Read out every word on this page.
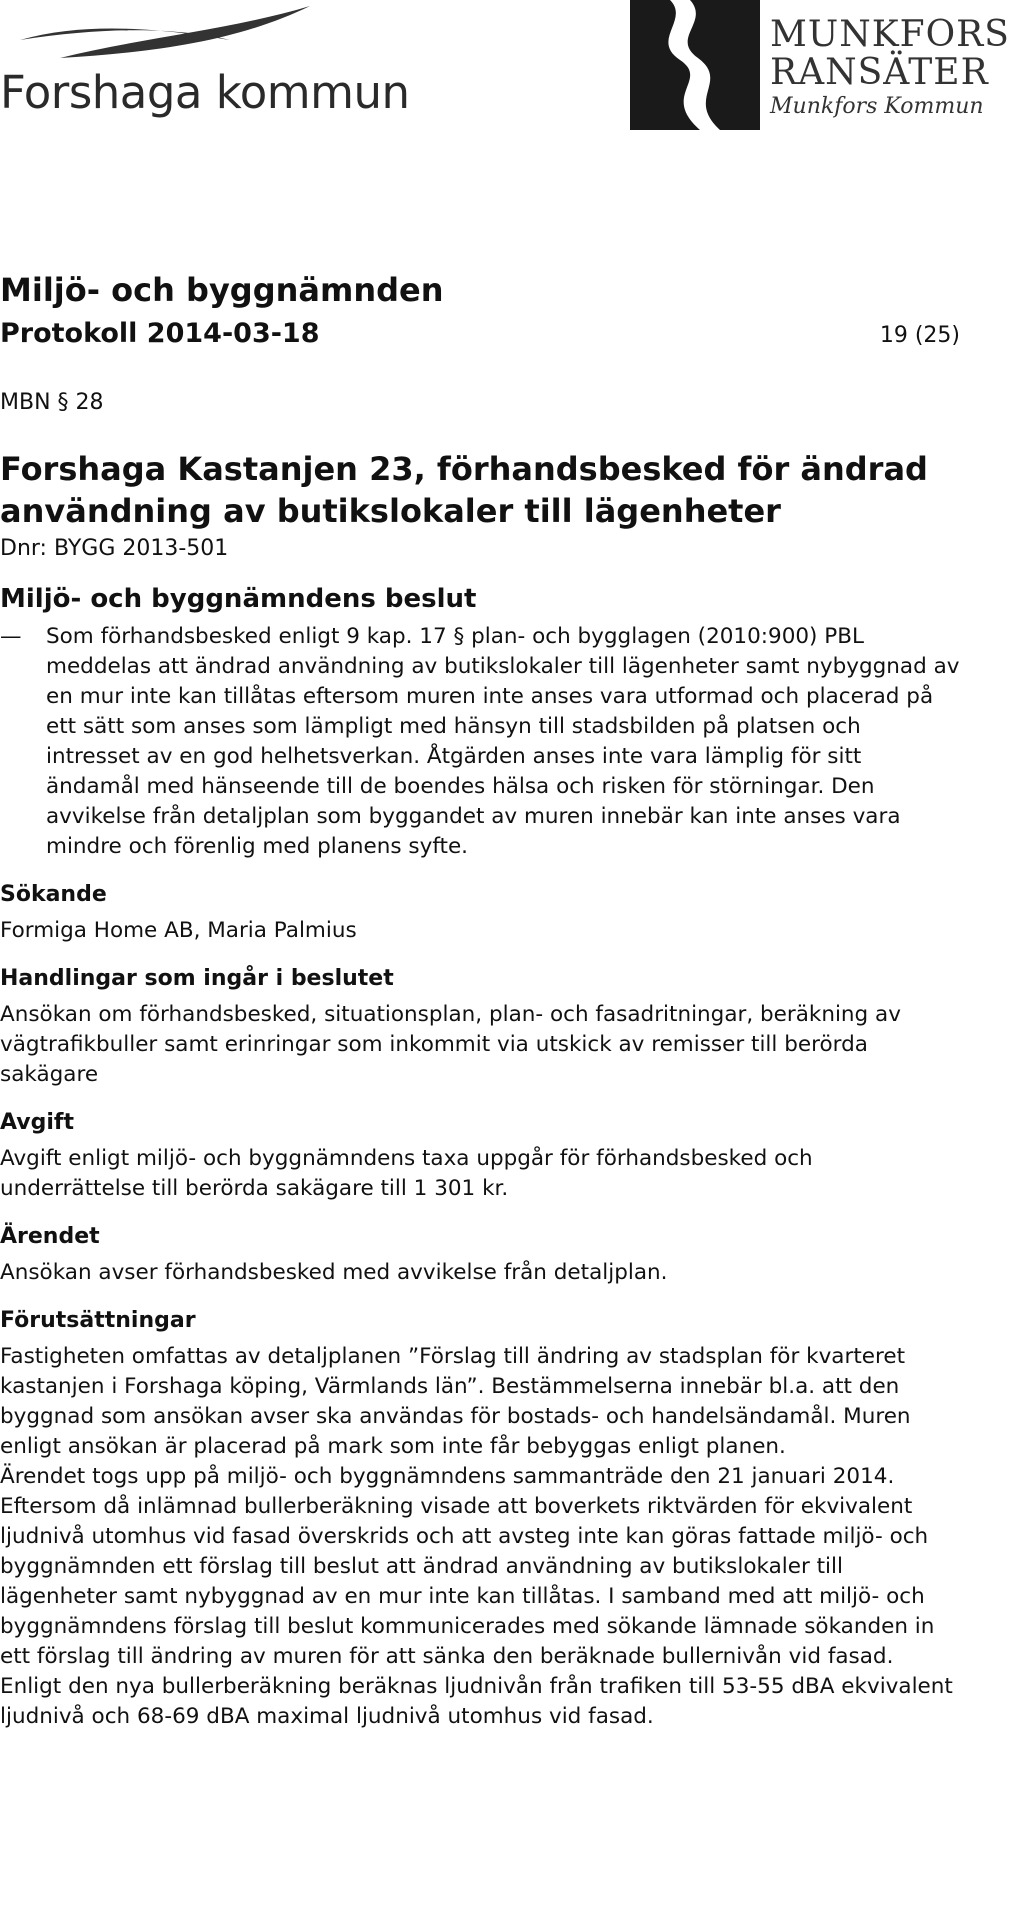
Forshaga kommun
MUNKFORS
RANSÄTER
Munkfors Kommun
Miljö- och byggnämnden
Protokoll 2014-03-18	19 (25)
MBN § 28
Forshaga Kastanjen 23, förhandsbesked för ändrad användning av butikslokaler till lägenheter
Dnr: BYGG 2013-501
Miljö- och byggnämndens beslut
—	Som förhandsbesked enligt 9 kap. 17 § plan- och bygglagen (2010:900) PBL meddelas att ändrad användning av butikslokaler till lägenheter samt nybyggnad av en mur inte kan tillåtas eftersom muren inte anses vara utformad och placerad på ett sätt som anses som lämpligt med hänsyn till stadsbilden på platsen och intresset av en god helhetsverkan. Åtgärden anses inte vara lämplig för sitt ändamål med hänseende till de boendes hälsa och risken för störningar. Den avvikelse från detaljplan som byggandet av muren innebär kan inte anses vara mindre och förenlig med planens syfte.
Sökande

Formiga Home AB, Maria Palmius

Handlingar som ingår i beslutet

Ansökan om förhandsbesked, situationsplan, plan- och fasadritningar, beräkning av vägtrafikbuller samt erinringar som inkommit via utskick av remisser till berörda sakägare

Avgift

Avgift enligt miljö- och byggnämndens taxa uppgår för förhandsbesked och underrättelse till berörda sakägare till 1 301 kr.

Ärendet

Ansökan avser förhandsbesked med avvikelse från detaljplan.

Förutsättningar

Fastigheten omfattas av detaljplanen ”Förslag till ändring av stadsplan för kvarteret kastanjen i Forshaga köping, Värmlands län”. Bestämmelserna innebär bl.a. att den byggnad som ansökan avser ska användas för bostads- och handelsändamål. Muren enligt ansökan är placerad på mark som inte får bebyggas enligt planen.

Ärendet togs upp på miljö- och byggnämndens sammanträde den 21 januari 2014. Eftersom då inlämnad bullerberäkning visade att boverkets riktvärden för ekvivalent ljudnivå utomhus vid fasad överskrids och att avsteg inte kan göras fattade miljö- och byggnämnden ett förslag till beslut att ändrad användning av butikslokaler till lägenheter samt nybyggnad av en mur inte kan tillåtas. I samband med att miljö- och byggnämndens förslag till beslut kommunicerades med sökande lämnade sökanden in ett förslag till ändring av muren för att sänka den beräknade bullernivån vid fasad.

Enligt den nya bullerberäkning beräknas ljudnivån från trafiken till 53-55 dBA ekvivalent ljudnivå och 68-69 dBA maximal ljudnivå utomhus vid fasad.
